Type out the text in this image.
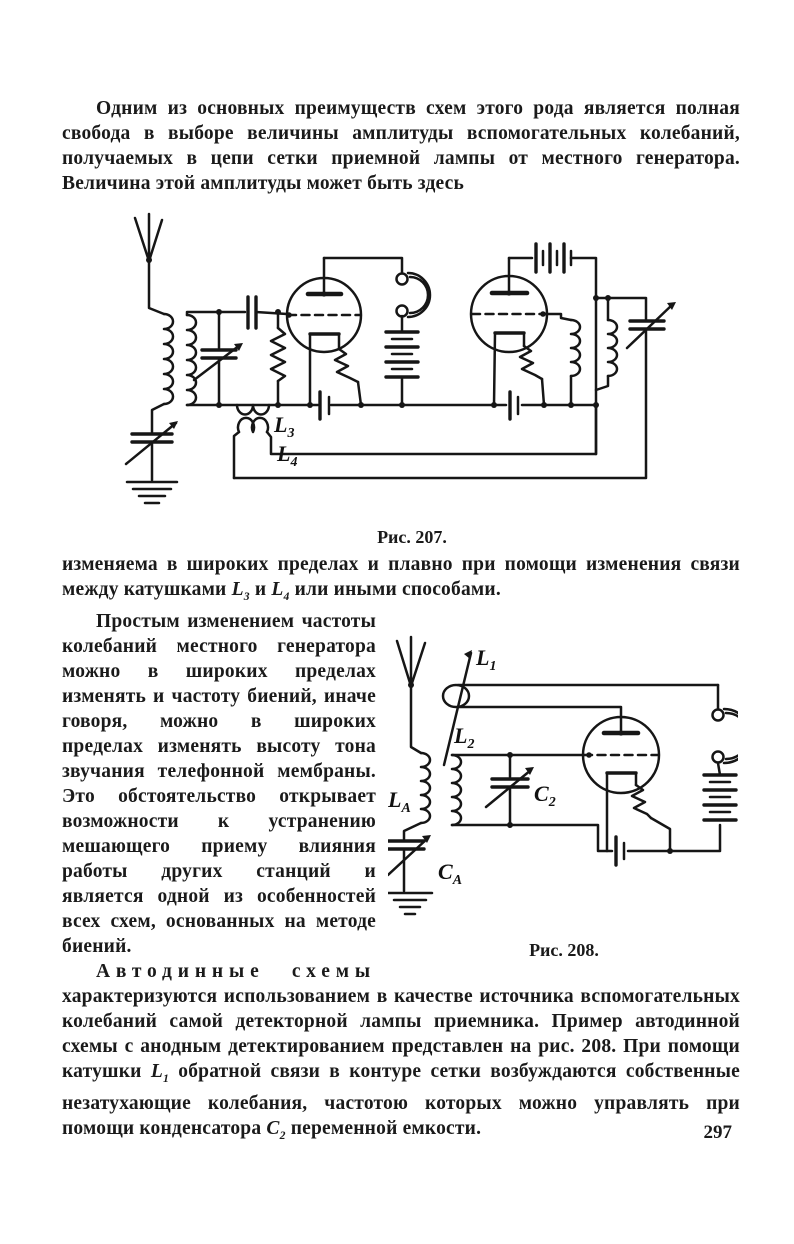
Одним из основных преимуществ схем этого рода является полная свобода в выборе величины амплитуды вспомогательных колебаний, получаемых в цепи сетки приемной лампы от местного генератора. Величина этой амплитуды может быть здесь

$L_3$
$L_4$
Рис. 207.

изменяема в широких пределах и плавно при помощи изменения связи между катушками $L_3$ и $L_4$ или иными способами.

$L_A$
$C_A$
$L_2$
$L_1$
$C_2$
Рис. 208.

Простым изменением частоты колебаний местного генератора можно в широких пределах изменять и частоту биений, иначе говоря, можно в широких пределах изменять высоту тона звучания телефонной мембраны. Это обстоятельство открывает возможности к устранению мешающего приему влияния работы других станций и является одной из особенностей всех схем, основанных на методе биений.

Автодинные схемы характеризуются использованием в качестве источника вспомогательных колебаний самой детекторной лампы приемника. Пример автодинной схемы с анодным детектированием представлен на рис. 208. При помощи катушки $L_1$ обратной связи в контуре сетки возбуждаются собственные незатухающие колебания, частотою которых можно управлять при помощи конденсатора $C_2$ переменной емкости.	297
